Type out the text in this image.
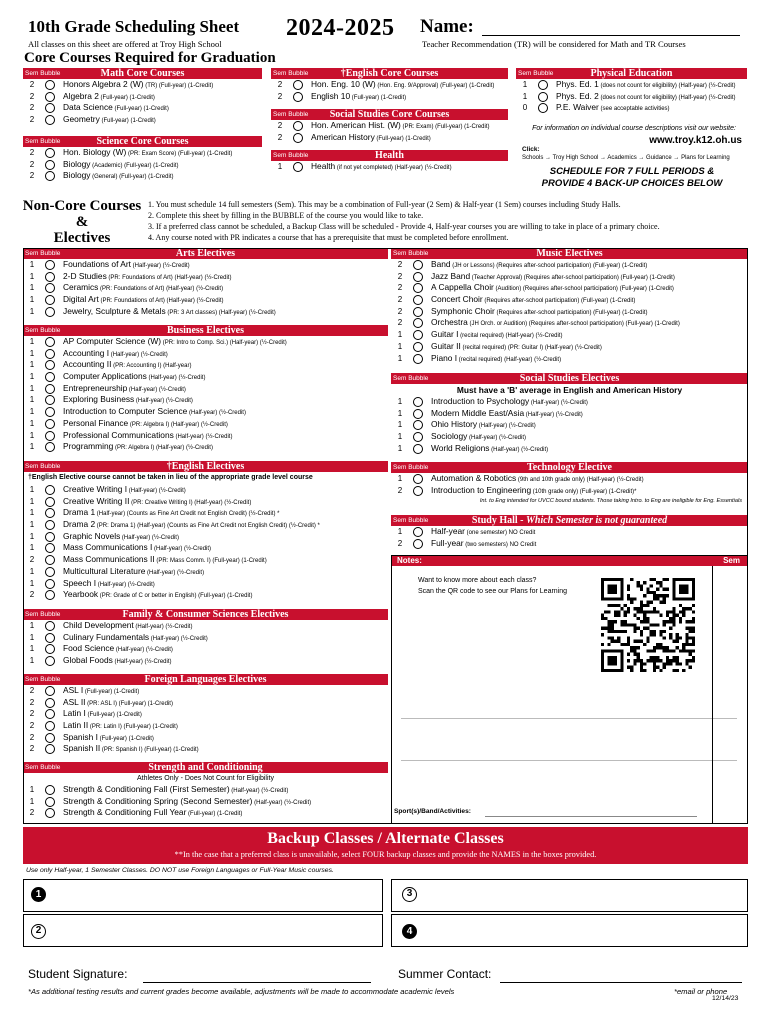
10th Grade Scheduling Sheet 2024-2025 Name:
All classes on this sheet are offered at Troy High School	Teacher Recommendation (TR) will be considered for Math and TR Courses
Core Courses Required for Graduation
Sem Bubble	Math Core Courses
2	Honors Algebra 2 (W) (TR) (Full-year) (1-Credit)
2	Algebra 2 (Full-year) (1-Credit)
2	Data Science (Full-year) (1-Credit)
2	Geometry (Full-year) (1-Credit)
Sem Bubble	Science Core Courses
2	Hon. Biology (W) (PR: Exam Score) (Full-year) (1-Credit)
2	Biology (Academic) (Full-year) (1-Credit)
2	Biology (General) (Full-year) (1-Credit)
Sem Bubble	†English Core Courses
2	Hon. Eng. 10 (W) (Hon. Eng. 9/Approval) (Full-year) (1-Credit)
2	English 10 (Full-year) (1-Credit)
Sem Bubble	Social Studies Core Courses
2	Hon. American Hist. (W) (PR: Exam) (Full-year) (1-Credit)
2	American History (Full-year) (1-Credit)
Sem Bubble	Health
1	Health (if not yet completed) (Half-year) (½-Credit)
Sem Bubble	Physical Education
1	Phys. Ed. 1 (does not count for eligibility) (Half-year) (½-Credit)
1	Phys. Ed. 2 (does not count for eligibility) (Half-year) (½-Credit)
0	P.E. Waiver (see acceptable activities)
For information on individual course descriptions visit our website:
www.troy.k12.oh.us
Click:
Schools → Troy High School → Academics → Guidance → Plans for Learning
SCHEDULE FOR 7 FULL PERIODS &
PROVIDE 4 BACK-UP CHOICES BELOW
Non-Core Courses
&
Electives
1. You must schedule 14 full semesters (Sem). This may be a combination of Full-year (2 Sem) & Half-year (1 Sem) courses including Study Halls.
2. Complete this sheet by filling in the BUBBLE of the course you would like to take.
3. If a preferred class cannot be scheduled, a Backup Class will be scheduled - Provide 4, Half-year courses you are willing to take in place of a primary choice.
4. Any course noted with PR indicates a course that has a prerequisite that must be completed before enrollment.
Sem Bubble	Arts Electives
1	Foundations of Art (Half-year) (½-Credit)
1	2-D Studies (PR: Foundations of Art) (Half-year) (½-Credit)
1	Ceramics (PR: Foundations of Art) (Half-year) (½-Credit)
1	Digital Art (PR: Foundations of Art) (Half-year) (½-Credit)
1	Jewelry, Sculpture & Metals (PR: 3 Art classes) (Half-year) (½-Credit)
Sem Bubble	Business Electives
1	AP Computer Science (W) (PR: Intro to Comp. Sci.) (Half-year) (½-Credit)
1	Accounting I (Half-year) (½-Credit)
1	Accounting II (PR: Accounting I) (Half-year)
1	Computer Applications (Half-year) (½-Credit)
1	Entrepreneurship (Half-year) (½-Credit)
1	Exploring Business (Half-year) (½-Credit)
1	Introduction to Computer Science (Half-year) (½-Credit)
1	Personal Finance (PR: Algebra I) (Half-year) (½-Credit)
1	Professional Communications (Half-year) (½-Credit)
1	Programming (PR: Algebra I) (Half-year) (½-Credit)
Sem Bubble	†English Electives
†English Elective course cannot be taken in lieu of the appropriate grade level course
1	Creative Writing I (Half-year) (½-Credit)
1	Creative Writing II (PR: Creative Writing I) (Half-year) (½-Credit)
1	Drama 1 (Half-year) (Counts as Fine Art Credit not English Credit) (½-Credit) *
1	Drama 2 (PR: Drama 1) (Half-year) (Counts as Fine Art Credit not English Credit) (½-Credit) *
1	Graphic Novels (Half-year) (½-Credit)
1	Mass Communications I (Half-year) (½-Credit)
2	Mass Communications II (PR: Mass Comm. I) (Full-year) (1-Credit)
1	Multicultural Literature (Half-year) (½-Credit)
1	Speech I (Half-year) (½-Credit)
2	Yearbook (PR: Grade of C or better in English) (Full-year) (1-Credit)
Sem Bubble	Family & Consumer Sciences Electives
1	Child Development (Half-year) (½-Credit)
1	Culinary Fundamentals (Half-year) (½-Credit)
1	Food Science (Half-year) (½-Credit)
1	Global Foods (Half-year) (½-Credit)
Sem Bubble	Foreign Languages Electives
2	ASL I (Full-year) (1-Credit)
2	ASL II (PR: ASL I) (Full-year) (1-Credit)
2	Latin I (Full-year) (1-Credit)
2	Latin II (PR: Latin I) (Full-year) (1-Credit)
2	Spanish I (Full-year) (1-Credit)
2	Spanish II (PR: Spanish I) (Full-year) (1-Credit)
Sem Bubble	Strength and Conditioning
Athletes Only - Does Not Count for Eligibility
1	Strength & Conditioning Fall (First Semester) (Half-year) (½-Credit)
1	Strength & Conditioning Spring (Second Semester) (Half-year) (½-Credit)
2	Strength & Conditioning Full Year (Full-year) (1-Credit)
Sem Bubble	Music Electives
2	Band (JH or Lessons) (Requires after-school participation) (Full-year) (1-Credit)
2	Jazz Band (Teacher Approval) (Requires after-school participation) (Full-year) (1-Credit)
2	A Cappella Choir (Audition) (Requires after-school participation) (Full-year) (1-Credit)
2	Concert Choir (Requires after-school participation) (Full-year) (1-Credit)
2	Symphonic Choir (Requires after-school participation) (Full-year) (1-Credit)
2	Orchestra (JH Orch. or Audition) (Requires after-school participation) (Full-year) (1-Credit)
1	Guitar I (recital required) (Half-year) (½-Credit)
1	Guitar II (recital required) (PR: Guitar I) (Half-year) (½-Credit)
1	Piano I (recital required) (Half-year) (½-Credit)
Sem Bubble	Social Studies Electives
Must have a 'B' average in English and American History
1	Introduction to Psychology (Half-year) (½-Credit)
1	Modern Middle East/Asia (Half-year) (½-Credit)
1	Ohio History (Half-year) (½-Credit)
1	Sociology (Half-year) (½-Credit)
1	World Religions (Half-year) (½-Credit)
Sem Bubble	Technology Elective
1	Automation & Robotics (9th and 10th grade only) (Half-year) (½-Credit)
2	Introduction to Engineering (10th grade only) (Full-year) (1-Credit)*
Int. to Eng intended for UVCC bound students. Those taking Intro. to Eng are ineligible for Eng. Essentials
Sem Bubble	Study Hall - Which Semester is not guaranteed
1	Half-year (one semester) NO Credit
2	Full-year (two semesters) NO Credit
Notes:	Sem
Want to know more about each class?
Scan the QR code to see our Plans for Learning
Sport(s)/Band/Activities:
Backup Classes / Alternate Classes
**In the case that a preferred class is unavailable, select FOUR backup classes and provide the NAMES in the boxes provided.
Use only Half-year, 1 Semester Classes. DO NOT use Foreign Languages or Full-Year Music courses.
1	3
2	4
Student Signature:	Summer Contact:
*As additional testing results and current grades become available, adjustments will be made to accommodate academic levels	*email or phone
12/14/23
